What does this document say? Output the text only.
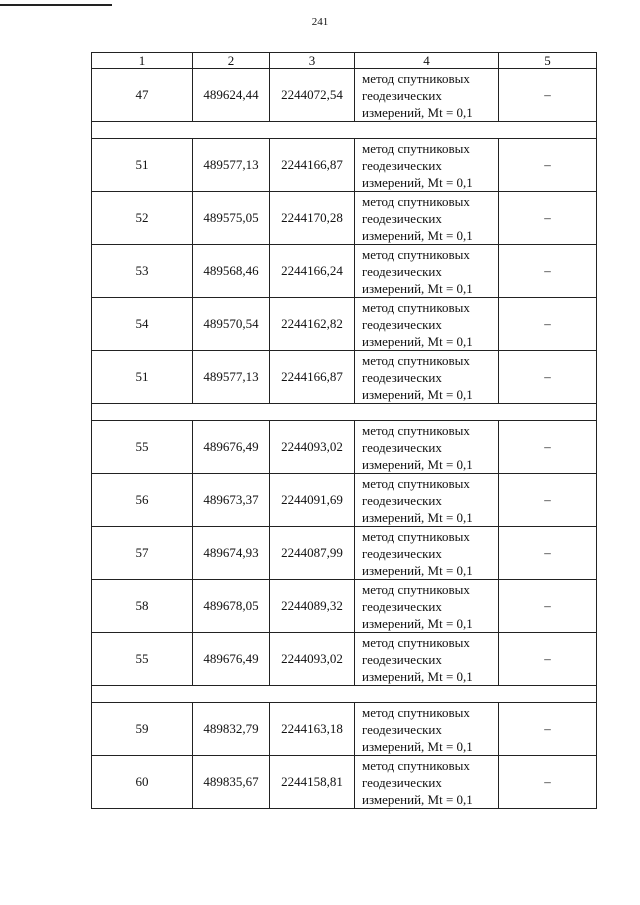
241
1	2	3	4	5
47	489624,44	2244072,54	метод спутниковых
геодезических
измерений, Mt = 0,1	–

51	489577,13	2244166,87	метод спутниковых
геодезических
измерений, Mt = 0,1	–
52	489575,05	2244170,28	метод спутниковых
геодезических
измерений, Mt = 0,1	–
53	489568,46	2244166,24	метод спутниковых
геодезических
измерений, Mt = 0,1	–
54	489570,54	2244162,82	метод спутниковых
геодезических
измерений, Mt = 0,1	–
51	489577,13	2244166,87	метод спутниковых
геодезических
измерений, Mt = 0,1	–

55	489676,49	2244093,02	метод спутниковых
геодезических
измерений, Mt = 0,1	–
56	489673,37	2244091,69	метод спутниковых
геодезических
измерений, Mt = 0,1	–
57	489674,93	2244087,99	метод спутниковых
геодезических
измерений, Mt = 0,1	–
58	489678,05	2244089,32	метод спутниковых
геодезических
измерений, Mt = 0,1	–
55	489676,49	2244093,02	метод спутниковых
геодезических
измерений, Mt = 0,1	–

59	489832,79	2244163,18	метод спутниковых
геодезических
измерений, Mt = 0,1	–
60	489835,67	2244158,81	метод спутниковых
геодезических
измерений, Mt = 0,1	–
